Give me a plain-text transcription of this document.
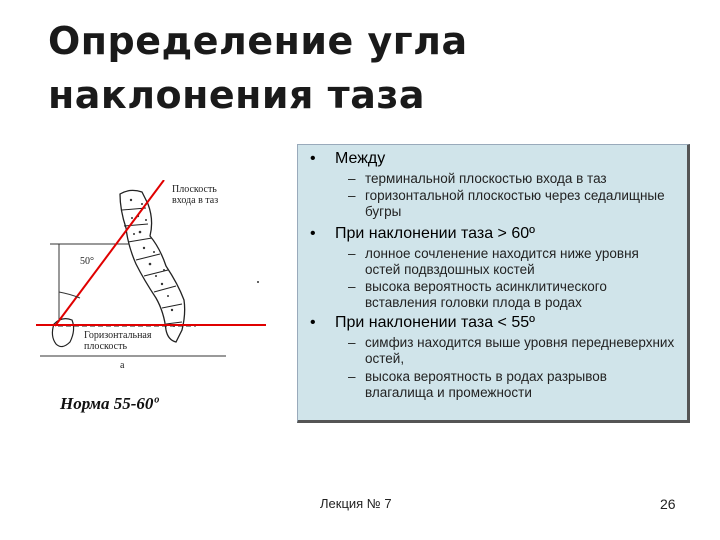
Определение угла
наклонения таза
Плоскость
входа в таз
50°
Горизонтальная
плоскость
а
Норма 55-60º
• Между
– терминальной плоскостью входа в таз
– горизонтальной плоскостью через седалищные бугры
• При наклонении таза > 60º
– лонное сочленение находится ниже уровня остей подвздошных костей
– высока вероятность асинклитического вставления головки плода в родах
• При наклонении таза < 55º
– симфиз находится выше уровня передневерхних остей,
– высока вероятность в родах разрывов влагалища и промежности
Лекция № 7	26
